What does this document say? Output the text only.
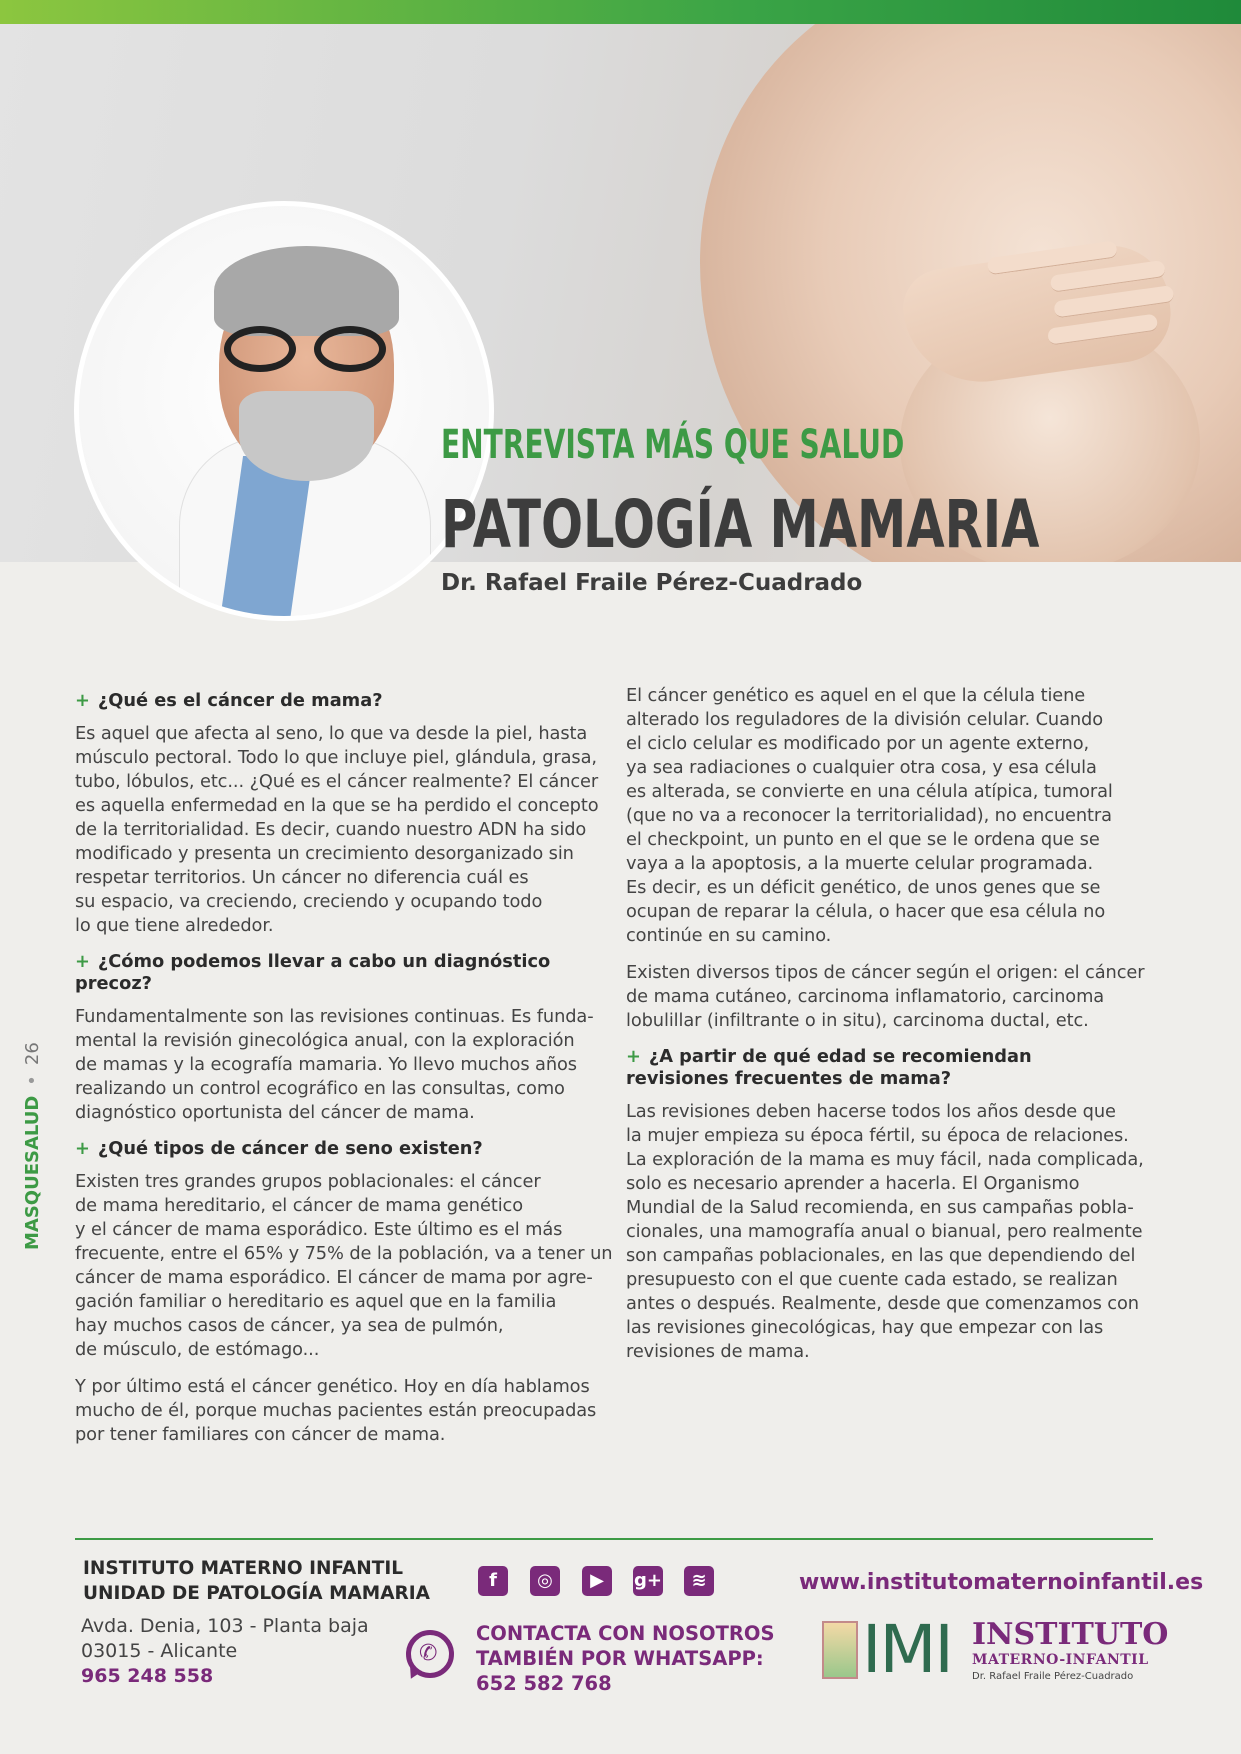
ENTREVISTA MÁS QUE SALUD
PATOLOGÍA MAMARIA
Dr. Rafael Fraile Pérez-Cuadrado
MASQUESALUD•26
+ ¿Qué es el cáncer de mama?
Es aquel que afecta al seno, lo que va desde la piel, hasta
músculo pectoral. Todo lo que incluye piel, glándula, grasa,
tubo, lóbulos, etc... ¿Qué es el cáncer realmente? El cáncer
es aquella enfermedad en la que se ha perdido el concepto
de la territorialidad. Es decir, cuando nuestro ADN ha sido
modificado y presenta un crecimiento desorganizado sin
respetar territorios. Un cáncer no diferencia cuál es
su espacio, va creciendo, creciendo y ocupando todo
lo que tiene alrededor.
+ ¿Cómo podemos llevar a cabo un diagnóstico precoz?
Fundamentalmente son las revisiones continuas. Es funda-
mental la revisión ginecológica anual, con la exploración
de mamas y la ecografía mamaria. Yo llevo muchos años
realizando un control ecográfico en las consultas, como
diagnóstico oportunista del cáncer de mama.
+ ¿Qué tipos de cáncer de seno existen?
Existen tres grandes grupos poblacionales: el cáncer
de mama hereditario, el cáncer de mama genético
y el cáncer de mama esporádico. Este último es el más
frecuente, entre el 65% y 75% de la población, va a tener un
cáncer de mama esporádico. El cáncer de mama por agre-
gación familiar o hereditario es aquel que en la familia
hay muchos casos de cáncer, ya sea de pulmón,
de músculo, de estómago...
Y por último está el cáncer genético. Hoy en día hablamos
mucho de él, porque muchas pacientes están preocupadas
por tener familiares con cáncer de mama.
El cáncer genético es aquel en el que la célula tiene
alterado los reguladores de la división celular. Cuando
el ciclo celular es modificado por un agente externo,
ya sea radiaciones o cualquier otra cosa, y esa célula
es alterada, se convierte en una célula atípica, tumoral
(que no va a reconocer la territorialidad), no encuentra
el checkpoint, un punto en el que se le ordena que se
vaya a la apoptosis, a la muerte celular programada.
Es decir, es un déficit genético, de unos genes que se
ocupan de reparar la célula, o hacer que esa célula no
continúe en su camino.
Existen diversos tipos de cáncer según el origen: el cáncer
de mama cutáneo, carcinoma inflamatorio, carcinoma
lobulillar (infiltrante o in situ), carcinoma ductal, etc.
+ ¿A partir de qué edad se recomiendan
revisiones frecuentes de mama?
Las revisiones deben hacerse todos los años desde que
la mujer empieza su época fértil, su época de relaciones.
La exploración de la mama es muy fácil, nada complicada,
solo es necesario aprender a hacerla. El Organismo
Mundial de la Salud recomienda, en sus campañas pobla-
cionales, una mamografía anual o bianual, pero realmente
son campañas poblacionales, en las que dependiendo del
presupuesto con el que cuente cada estado, se realizan
antes o después. Realmente, desde que comenzamos con
las revisiones ginecológicas, hay que empezar con las
revisiones de mama.
INSTITUTO MATERNO INFANTIL
UNIDAD DE PATOLOGÍA MAMARIA
Avda. Denia, 103 - Planta baja
03015 - Alicante
965 248 558
f	◎	▶	g+	≋
✆
CONTACTA CON NOSOTROS
TAMBIÉN POR WHATSAPP:
652 582 768
www.institutomaternoinfantil.es
IMI INSTITUTO
MATERNO-INFANTIL
Dr. Rafael Fraile Pérez-Cuadrado
